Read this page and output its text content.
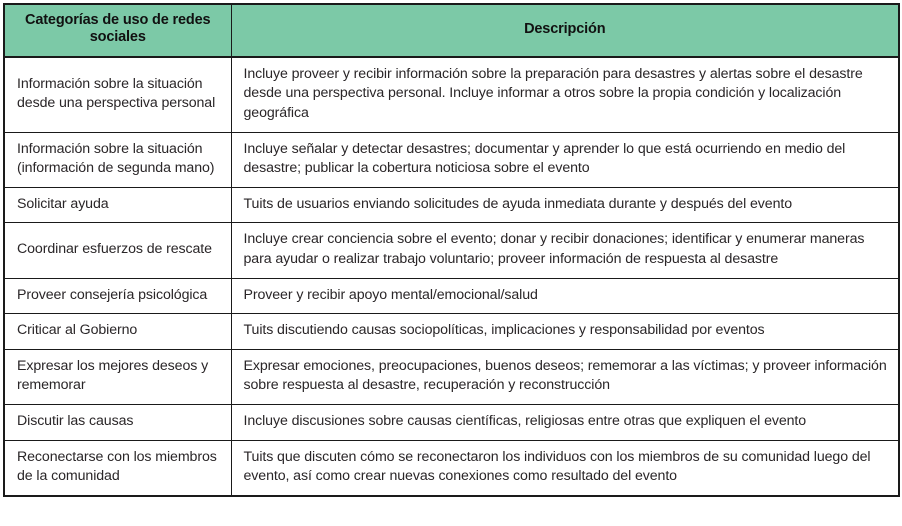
Categorías de uso de redes sociales	Descripción
Información sobre la situación desde una perspectiva personal	Incluye proveer y recibir información sobre la preparación para desastres y alertas sobre el desastre desde una perspectiva personal. Incluye informar a otros sobre la propia condición y localización geográfica
Información sobre la situación (información de segunda mano)	Incluye señalar y detectar desastres; documentar y aprender lo que está ocurriendo en medio del desastre; publicar la cobertura noticiosa sobre el evento
Solicitar ayuda	Tuits de usuarios enviando solicitudes de ayuda inmediata durante y después del evento
Coordinar esfuerzos de rescate	Incluye crear conciencia sobre el evento; donar y recibir donaciones; identificar y enumerar maneras para ayudar o realizar trabajo voluntario; proveer información de respuesta al desastre
Proveer consejería psicológica	Proveer y recibir apoyo mental/emocional/salud
Criticar al Gobierno	Tuits discutiendo causas sociopolíticas, implicaciones y responsabilidad por eventos
Expresar los mejores deseos y rememorar	Expresar emociones, preocupaciones, buenos deseos; rememorar a las víctimas; y proveer información sobre respuesta al desastre, recuperación y reconstrucción
Discutir las causas	Incluye discusiones sobre causas científicas, religiosas entre otras que expliquen el evento
Reconectarse con los miembros de la comunidad	Tuits que discuten cómo se reconectaron los individuos con los miembros de su comunidad luego del evento, así como crear nuevas conexiones como resultado del evento
